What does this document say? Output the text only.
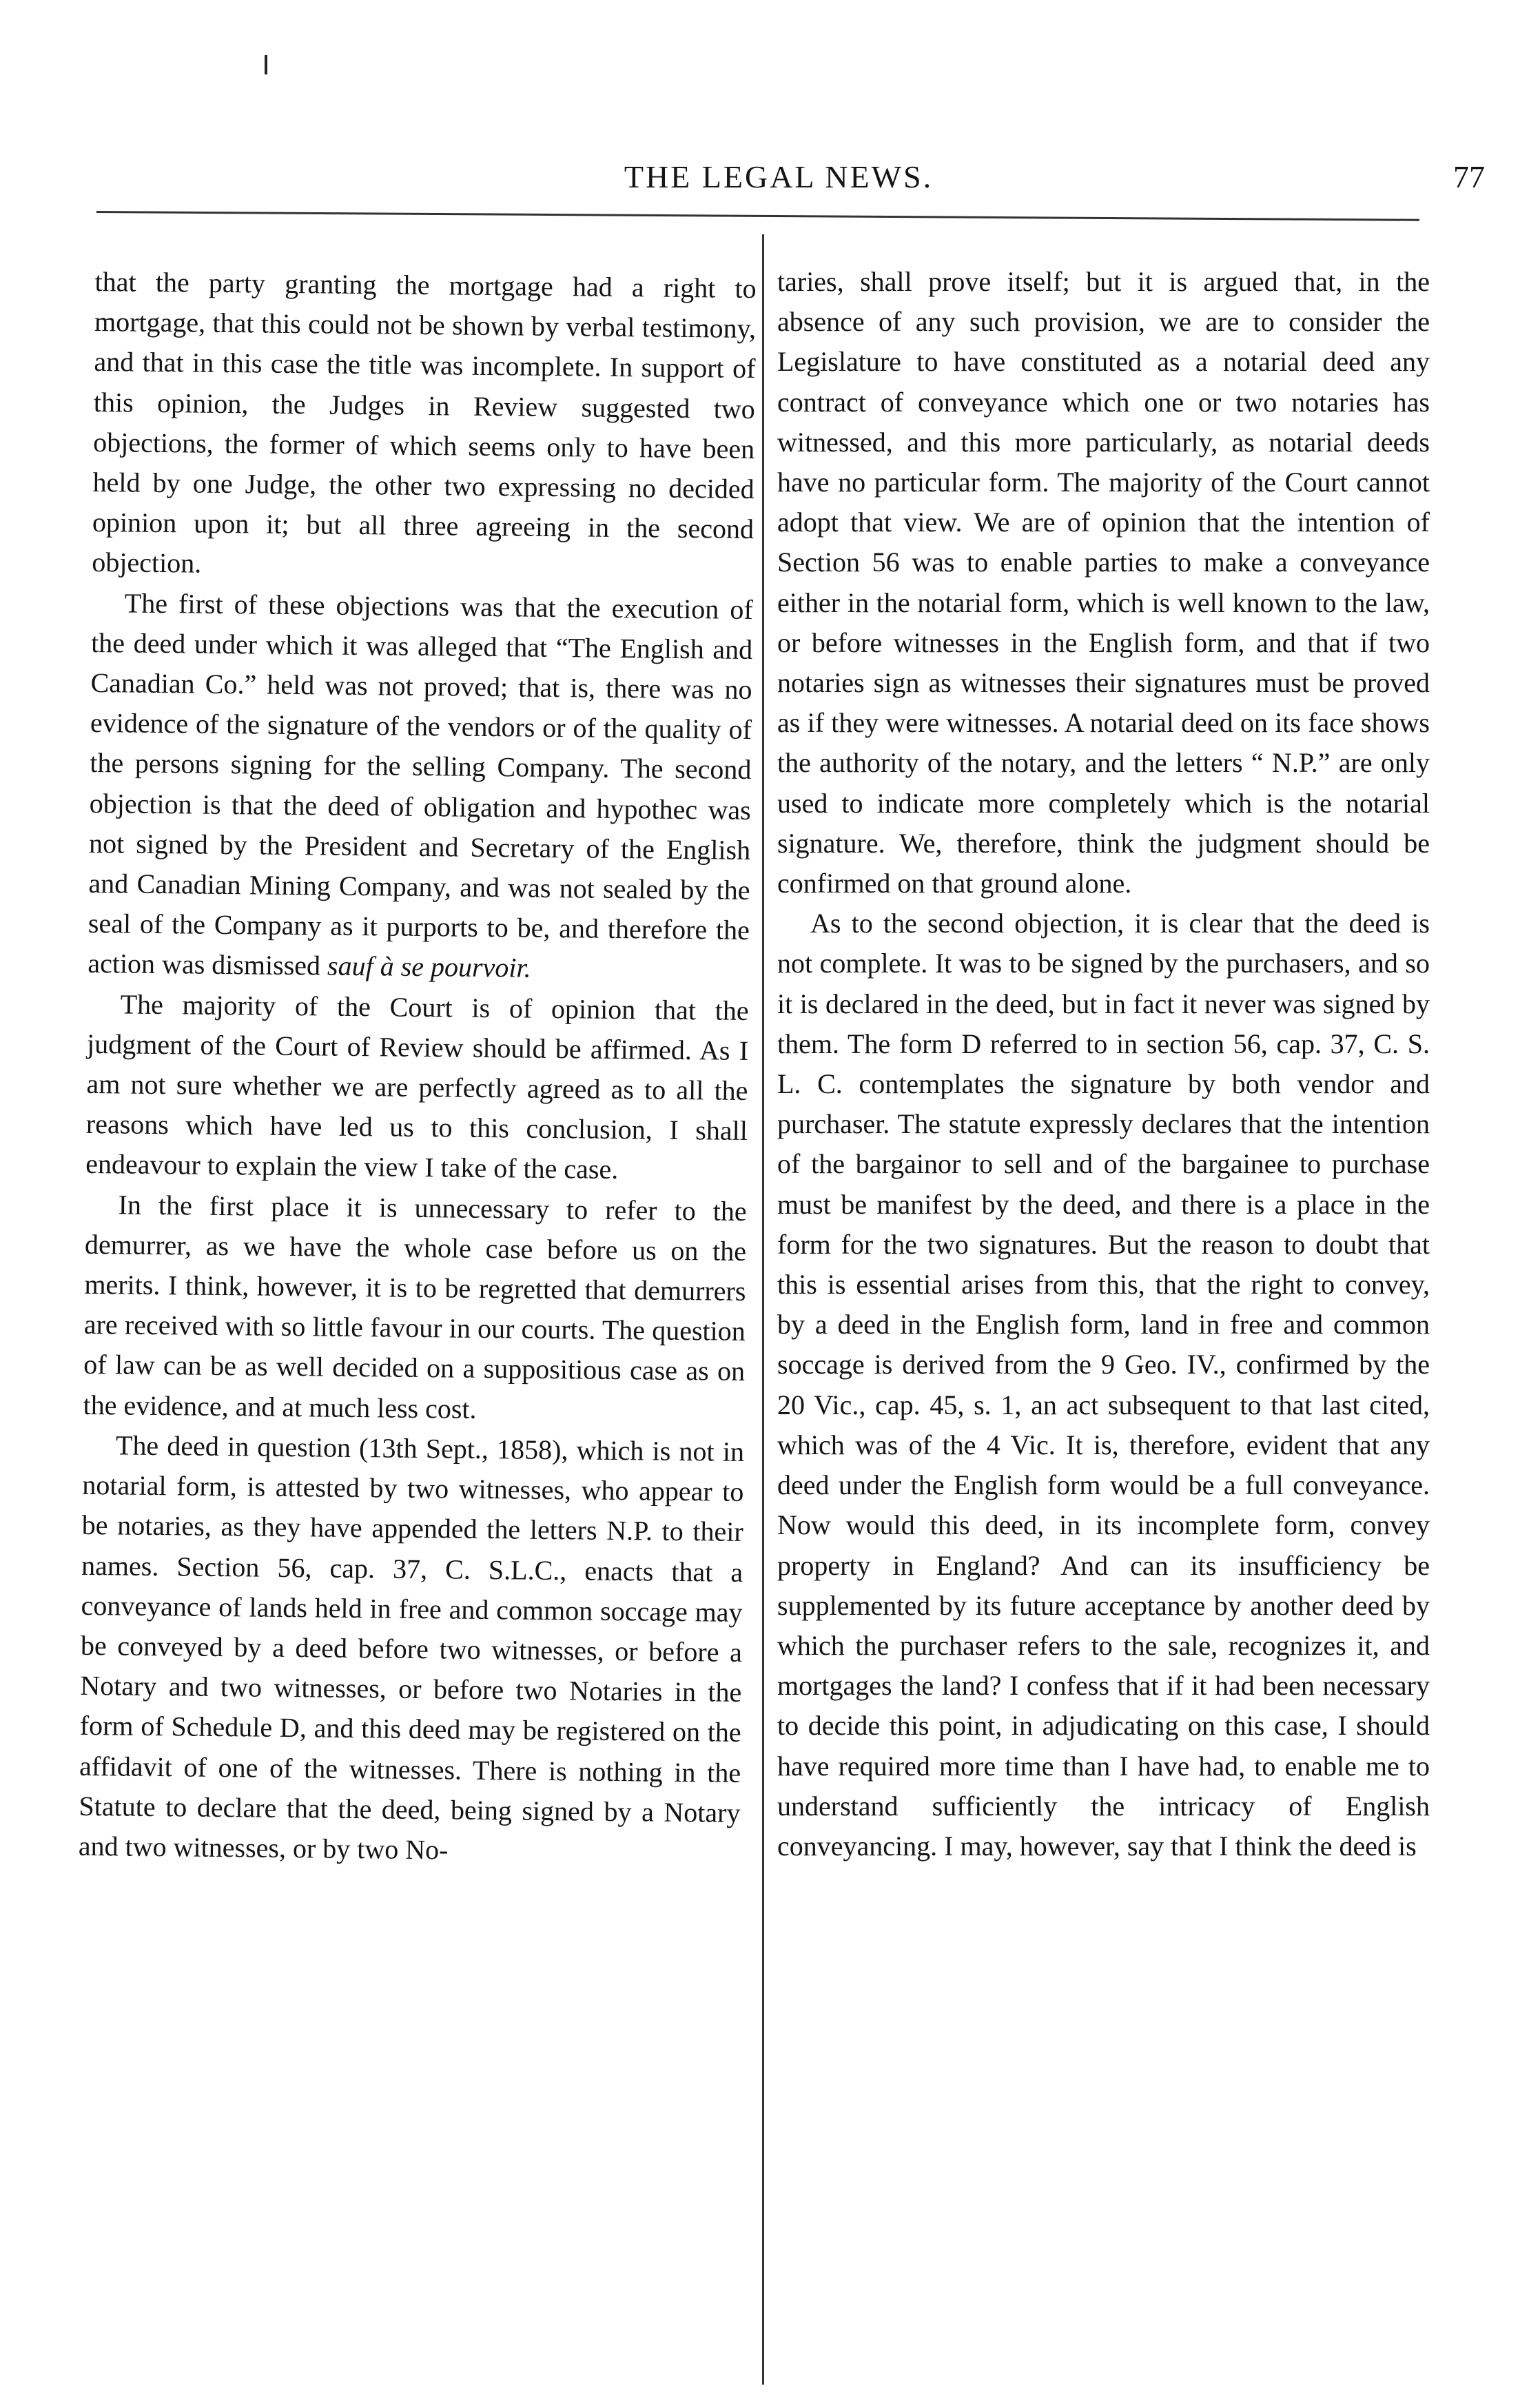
THE LEGAL NEWS.	77

that the party granting the mortgage had a right to mortgage, that this could not be shown by verbal testimony, and that in this case the title was incomplete. In support of this opinion, the Judges in Review suggested two objections, the former of which seems only to have been held by one Judge, the other two expressing no decided opinion upon it; but all three agreeing in the second objection.

The first of these objections was that the execution of the deed under which it was alleged that “The English and Canadian Co.” held was not proved; that is, there was no evidence of the signature of the vendors or of the quality of the persons signing for the selling Company. The second objection is that the deed of obligation and hypothec was not signed by the President and Secretary of the English and Canadian Mining Company, and was not sealed by the seal of the Company as it purports to be, and therefore the action was dismissed sauf à se pourvoir.

The majority of the Court is of opinion that the judgment of the Court of Review should be affirmed. As I am not sure whether we are perfectly agreed as to all the reasons which have led us to this conclusion, I shall endeavour to explain the view I take of the case.

In the first place it is unnecessary to refer to the demurrer, as we have the whole case before us on the merits. I think, however, it is to be regretted that demurrers are received with so little favour in our courts. The question of law can be as well decided on a suppositious case as on the evidence, and at much less cost.

The deed in question (13th Sept., 1858), which is not in notarial form, is attested by two witnesses, who appear to be notaries, as they have appended the letters N.P. to their names. Section 56, cap. 37, C. S.L.C., enacts that a conveyance of lands held in free and common soccage may be conveyed by a deed before two witnesses, or before a Notary and two witnesses, or before two Notaries in the form of Schedule D, and this deed may be registered on the affidavit of one of the witnesses. There is nothing in the Statute to declare that the deed, being signed by a Notary and two witnesses, or by two No-

taries, shall prove itself; but it is argued that, in the absence of any such provision, we are to consider the Legislature to have constituted as a notarial deed any contract of conveyance which one or two notaries has witnessed, and this more particularly, as notarial deeds have no particular form. The majority of the Court cannot adopt that view. We are of opinion that the intention of Section 56 was to enable parties to make a conveyance either in the notarial form, which is well known to the law, or before witnesses in the English form, and that if two notaries sign as witnesses their signatures must be proved as if they were witnesses. A notarial deed on its face shows the authority of the notary, and the letters “ N.P.” are only used to indicate more completely which is the notarial signature. We, therefore, think the judgment should be confirmed on that ground alone.

As to the second objection, it is clear that the deed is not complete. It was to be signed by the purchasers, and so it is declared in the deed, but in fact it never was signed by them. The form D referred to in section 56, cap. 37, C. S. L. C. contemplates the signature by both vendor and purchaser. The statute expressly declares that the intention of the bargainor to sell and of the bargainee to purchase must be manifest by the deed, and there is a place in the form for the two signatures. But the reason to doubt that this is essential arises from this, that the right to convey, by a deed in the English form, land in free and common soccage is derived from the 9 Geo. IV., confirmed by the 20 Vic., cap. 45, s. 1, an act subsequent to that last cited, which was of the 4 Vic. It is, therefore, evident that any deed under the English form would be a full conveyance. Now would this deed, in its incomplete form, convey property in England? And can its insufficiency be supplemented by its future acceptance by another deed by which the purchaser refers to the sale, recognizes it, and mortgages the land? I confess that if it had been necessary to decide this point, in adjudicating on this case, I should have required more time than I have had, to enable me to understand sufficiently the intricacy of English conveyancing. I may, however, say that I think the deed is
